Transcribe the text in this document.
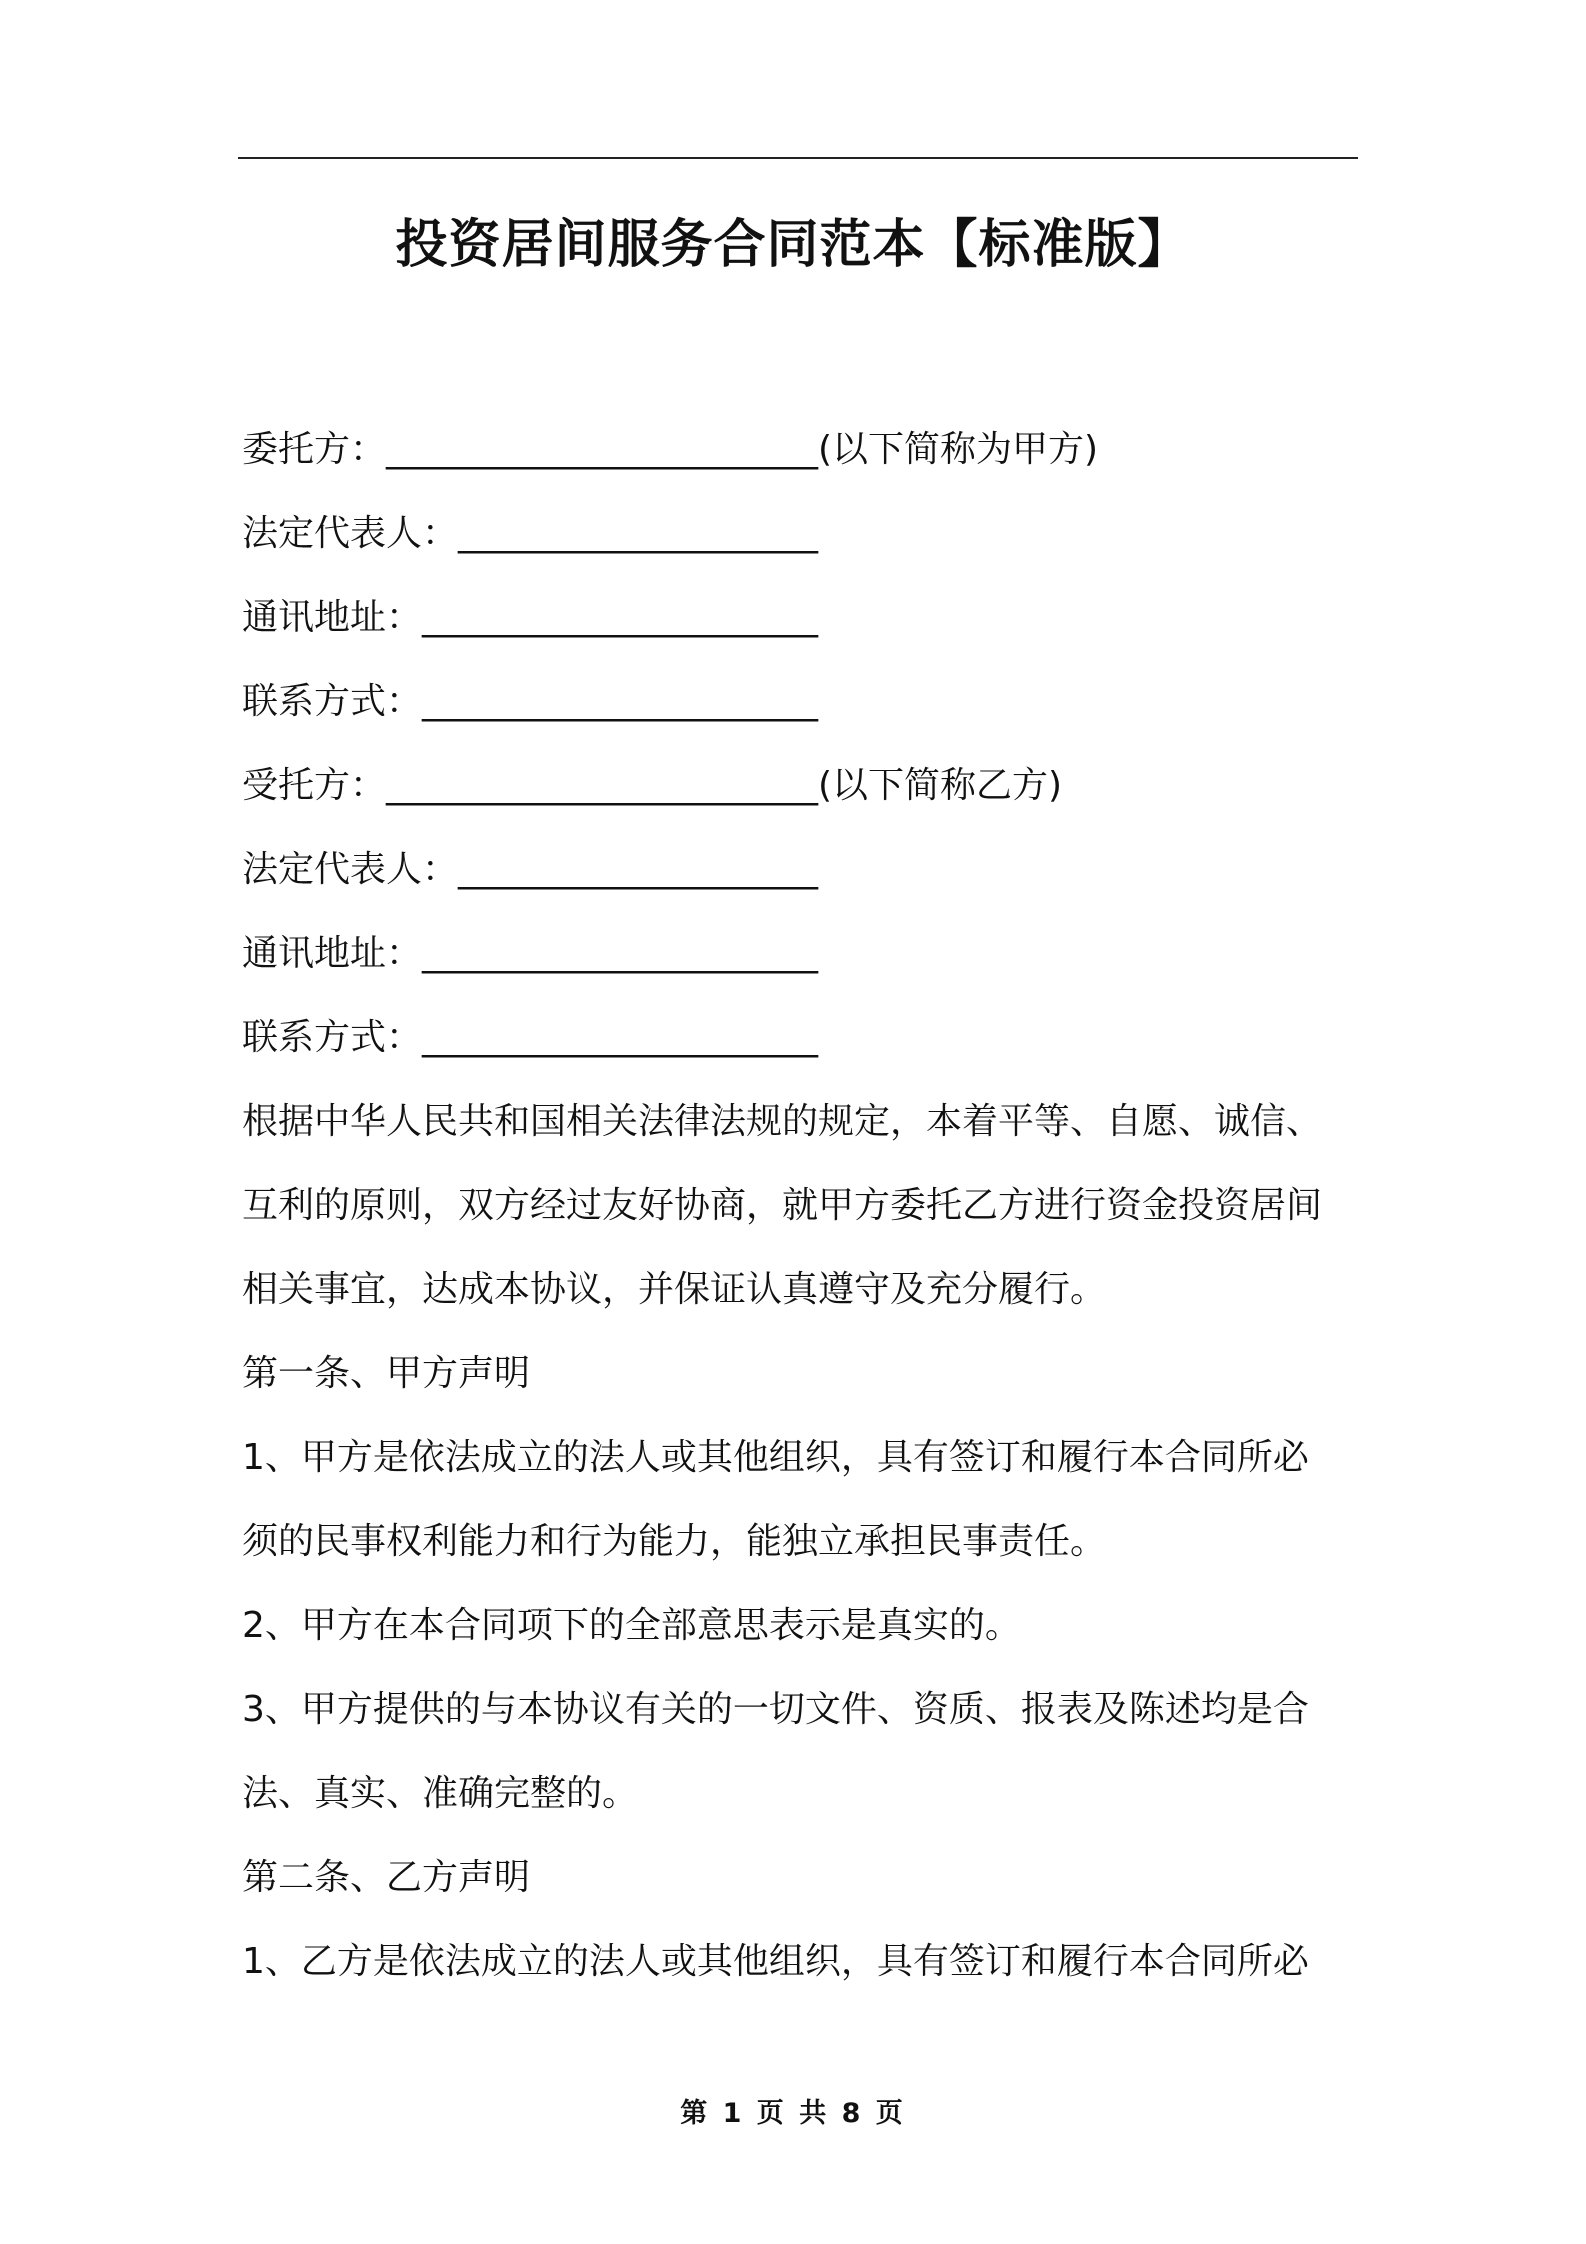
投资居间服务合同范本【标准版】
委托方：________________________(以下简称为甲方)
法定代表人：____________________
通讯地址：______________________
联系方式：______________________
受托方：________________________(以下简称乙方)
法定代表人：____________________
通讯地址：______________________
联系方式：______________________
根据中华人民共和国相关法律法规的规定，本着平等、自愿、诚信、
互利的原则，双方经过友好协商，就甲方委托乙方进行资金投资居间
相关事宜，达成本协议，并保证认真遵守及充分履行。
第一条、甲方声明
1、甲方是依法成立的法人或其他组织，具有签订和履行本合同所必
须的民事权利能力和行为能力，能独立承担民事责任。
2、甲方在本合同项下的全部意思表示是真实的。
3、甲方提供的与本协议有关的一切文件、资质、报表及陈述均是合
法、真实、准确完整的。
第二条、乙方声明
1、乙方是依法成立的法人或其他组织，具有签订和履行本合同所必
第 1 页 共 8 页
